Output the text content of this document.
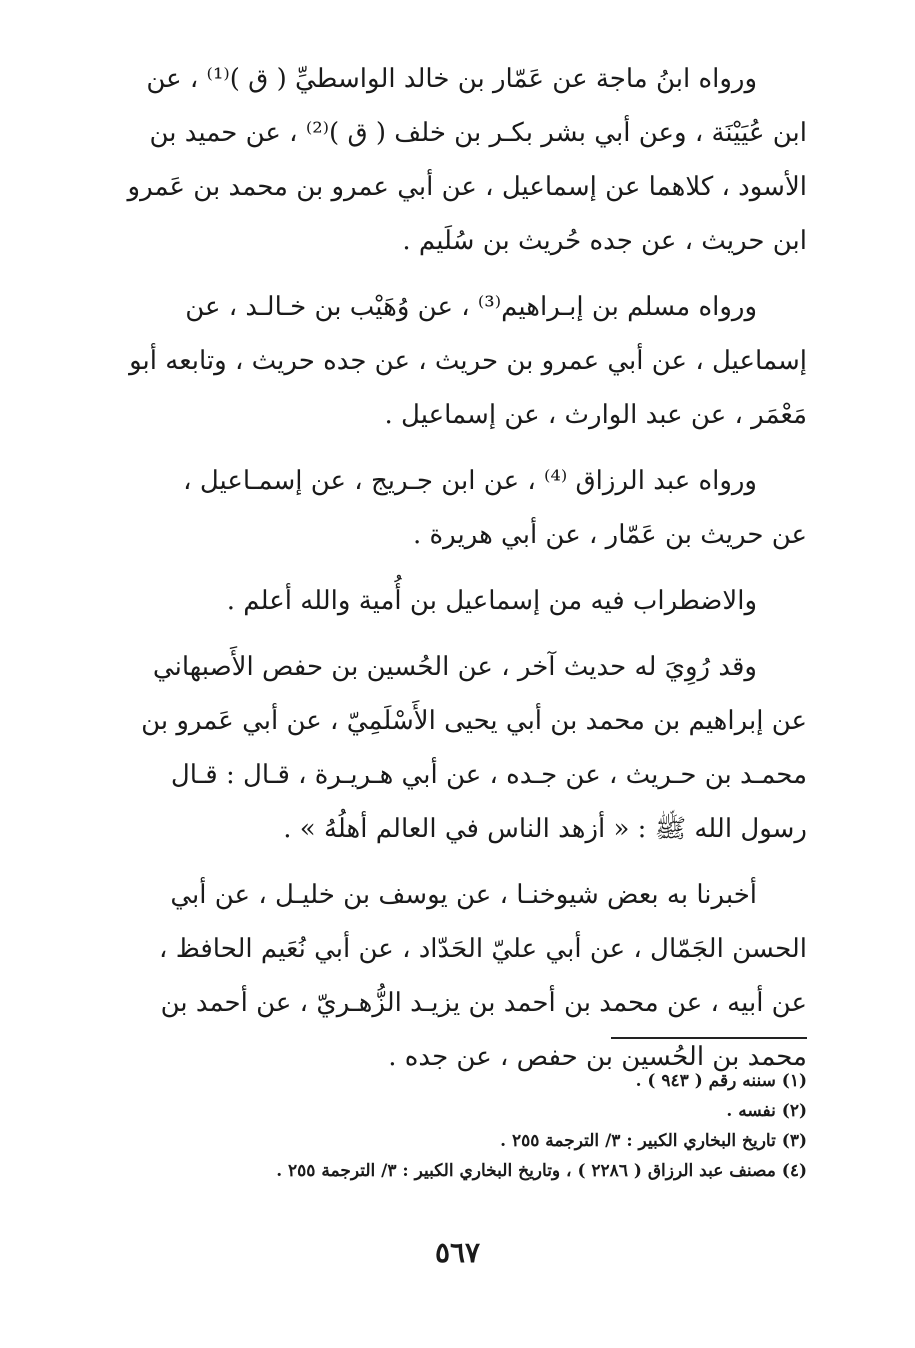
ورواه ابنُ ماجة عن عَمّار بن خالد الواسطيِّ ( ق )⁽¹⁾ ، عن
ابن عُيَيْنَة ، وعن أبي بشر بكـر بن خلف ( ق )⁽²⁾ ، عن حميد بن
الأسود ، كلاهما عن إسماعيل ، عن أبي عمرو بن محمد بن عَمرو
ابن حريث ، عن جده حُريث بن سُلَيم .

ورواه مسلم بن إبـراهيم⁽³⁾ ، عن وُهَيْب بن خـالـد ، عن
إسماعيل ، عن أبي عمرو بن حريث ، عن جده حريث ، وتابعه أبو
مَعْمَر ، عن عبد الوارث ، عن إسماعيل .

ورواه عبد الرزاق ⁽⁴⁾ ، عن ابن جـريج ، عن إسمـاعيل ،
عن حريث بن عَمّار ، عن أبي هريرة .

والاضطراب فيه من إسماعيل بن أُمية والله أعلم .

وقد رُوِيَ له حديث آخر ، عن الحُسين بن حفص الأَصبهاني
عن إبراهيم بن محمد بن أبي يحيى الأَسْلَمِيّ ، عن أبي عَمرو بن
محمـد بن حـريث ، عن جـده ، عن أبي هـريـرة ، قـال : قـال
رسول الله ﷺ : « أزهد الناس في العالم أهلُهُ » .

أخبرنا به بعض شيوخنـا ، عن يوسف بن خليـل ، عن أبي
الحسن الجَمّال ، عن أبي عليّ الحَدّاد ، عن أبي نُعَيم الحافظ ،
عن أبيه ، عن محمد بن أحمد بن يزيـد الزُّهـريّ ، عن أحمد بن
محمد بن الحُسين بن حفص ، عن جده .

(١) سننه رقم ( ٩٤٣ ) .
(٢) نفسه .
(٣) تاريخ البخاري الكبير : ٣/ الترجمة ٢٥٥ .
(٤) مصنف عبد الرزاق ( ٢٢٨٦ ) ، وتاريخ البخاري الكبير : ٣/ الترجمة ٢٥٥ .
٥٦٧
